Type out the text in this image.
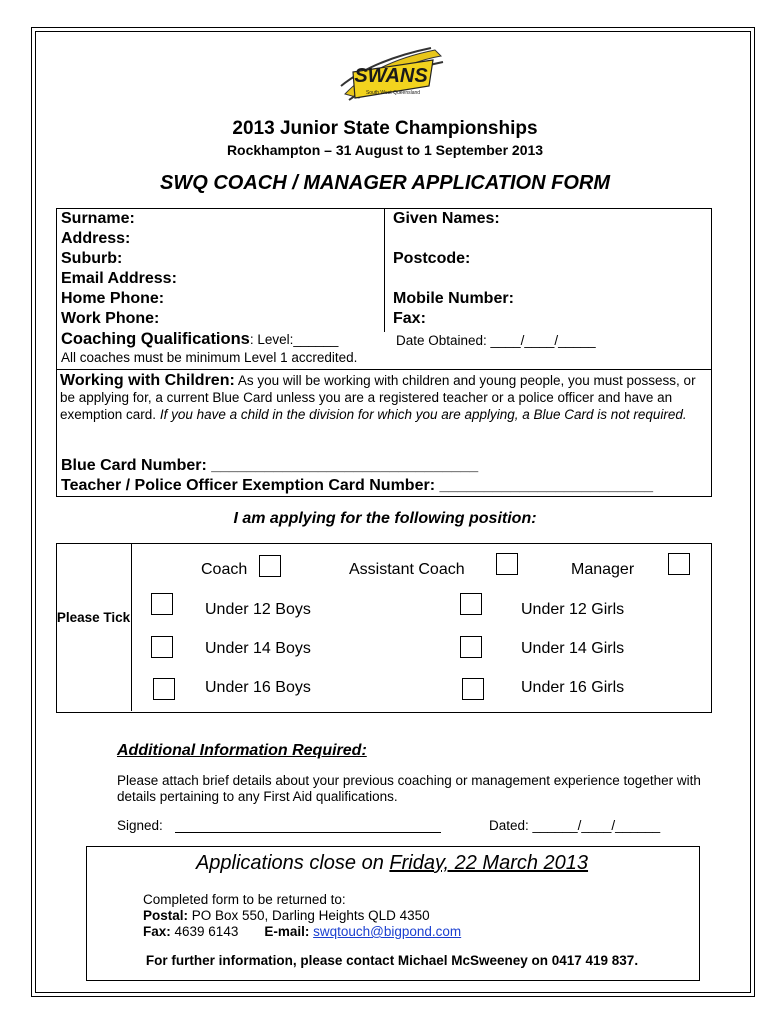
SWANS
South West Queensland
2013 Junior State Championships
Rockhampton – 31 August to 1 September 2013
SWQ COACH / MANAGER APPLICATION FORM
Surname:	Given Names:
Address:
Suburb:	Postcode:
Email Address:
Home Phone:	Mobile Number:
Work Phone:	Fax:
Coaching Qualifications: Level:______	Date Obtained: ____/____/_____
All coaches must be minimum Level 1 accredited.
Working with Children: As you will be working with children and young people, you must possess, or be applying for, a current Blue Card unless you are a registered teacher or a police officer and have an exemption card. If you have a child in the division for which you are applying, a Blue Card is not required.
Blue Card Number: ______________________________
Teacher / Police Officer Exemption Card Number: ________________________
I am applying for the following position:
Please Tick
Coach	Assistant Coach	Manager
Under 12 Boys	Under 12 Girls
Under 14 Boys	Under 14 Girls
Under 16 Boys	Under 16 Girls
Additional Information Required:
Please attach brief details about your previous coaching or management experience together with details pertaining to any First Aid qualifications.
Signed:	Dated: ______/____/______
Applications close on Friday, 22 March 2013
Completed form to be returned to:
Postal: PO Box 550, Darling Heights QLD 4350
Fax: 4639 6143 E-mail: swqtouch@bigpond.com
For further information, please contact Michael McSweeney on 0417 419 837.
